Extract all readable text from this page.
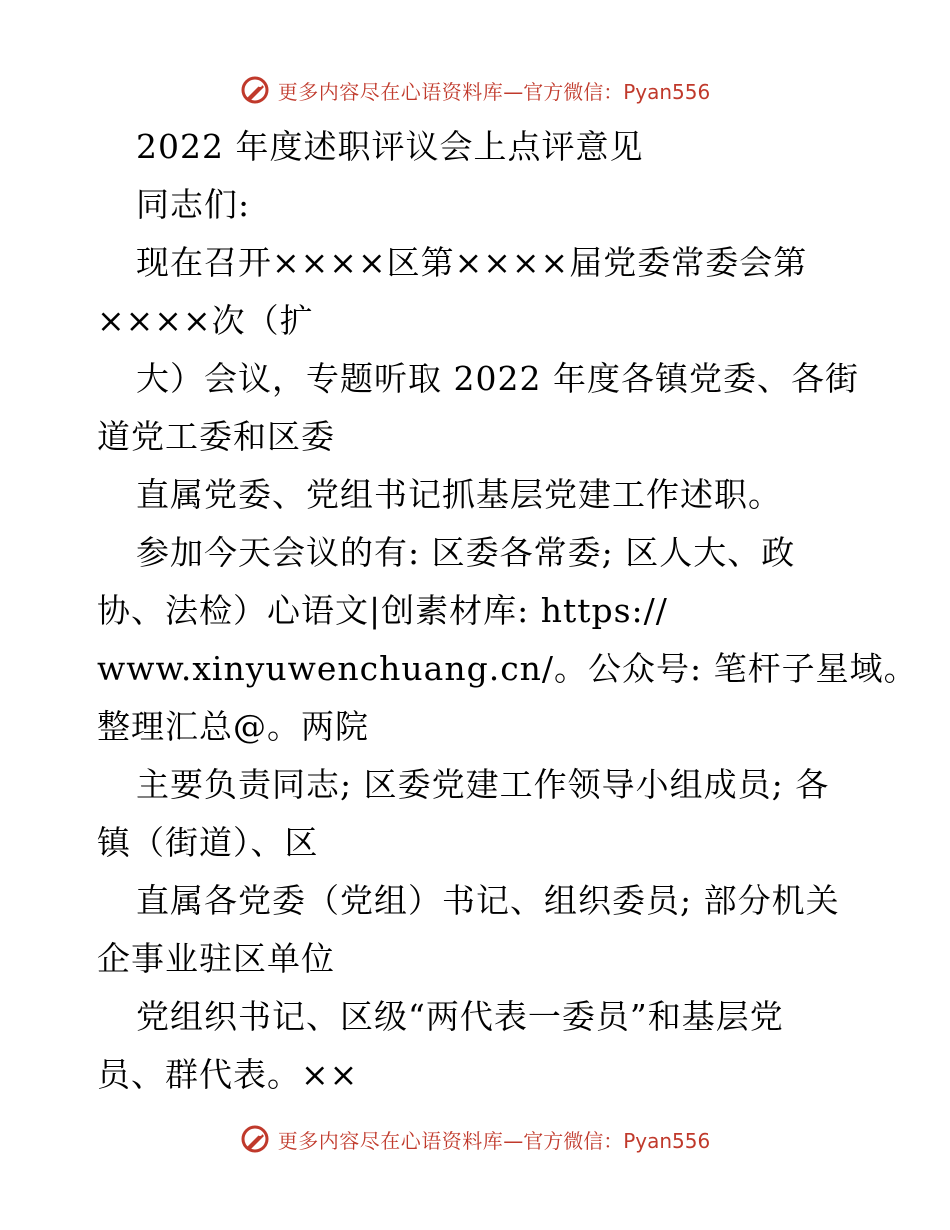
更多内容尽在心语资料库 —官方微信：Pyan556
2022 年度述职评议会上点评意见
同志们:
现在召开××××区第××××届党委常委会第
××××次（扩
大）会议，专题听取 2022 年度各镇党委、各街
道党工委和区委
直属党委、党组书记抓基层党建工作述职。
参加今天会议的有: 区委各常委; 区人大、政
协、法检）心语文|创素材库: https://
www.xinyuwenchuang.cn/。公众号: 笔杆子星域。
整理汇总@。两院
主要负责同志; 区委党建工作领导小组成员; 各
镇（街道）、区
直属各党委（党组）书记、组织委员; 部分机关
企事业驻区单位
党组织书记、区级“两代表一委员”和基层党
员、群代表。××
更多内容尽在心语资料库 —官方微信：Pyan556
